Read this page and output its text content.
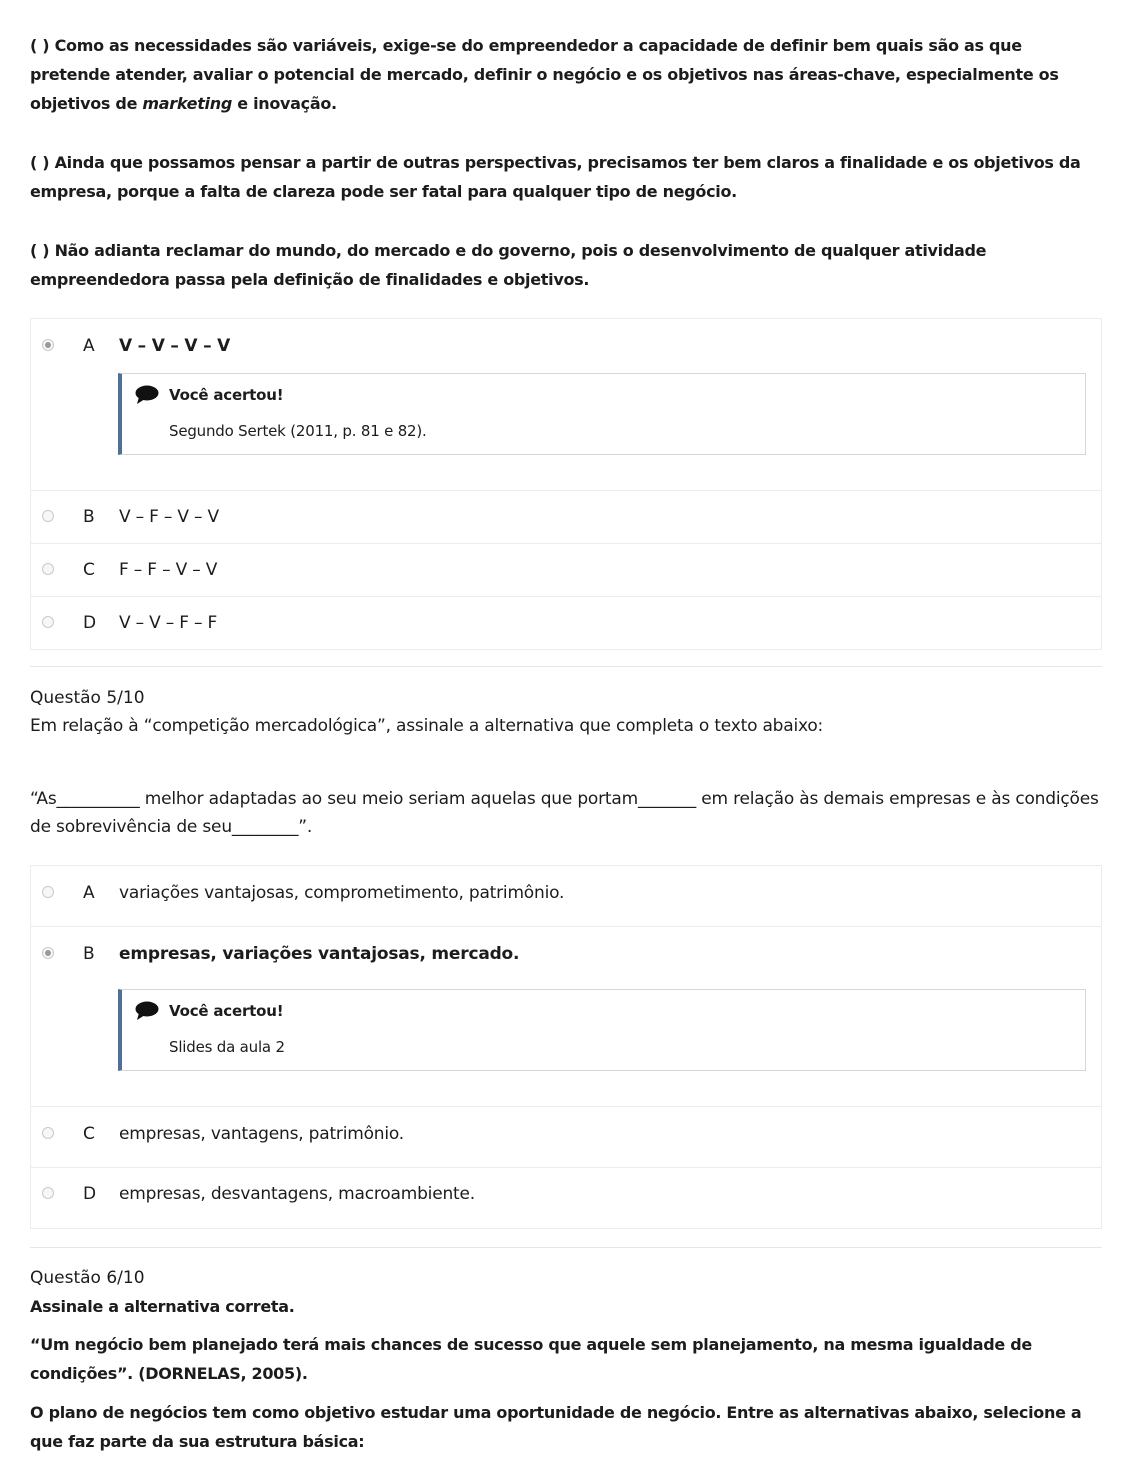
( ) Como as necessidades são variáveis, exige-se do empreendedor a capacidade de definir bem quais são as que pretende atender, avaliar o potencial de mercado, definir o negócio e os objetivos nas áreas-chave, especialmente os objetivos de marketing e inovação.

( ) Ainda que possamos pensar a partir de outras perspectivas, precisamos ter bem claros a finalidade e os objetivos da empresa, porque a falta de clareza pode ser fatal para qualquer tipo de negócio.

( ) Não adianta reclamar do mundo, do mercado e do governo, pois o desenvolvimento de qualquer atividade empreendedora passa pela definição de finalidades e objetivos.

A V – V – V – V
Você acertou!
Segundo Sertek (2011, p. 81 e 82).
B V – F – V – V
C F – F – V – V
D V – V – F – F
Questão 5/10
Em relação à “competição mercadológica”, assinale a alternativa que completa o texto abaixo:
“As__________ melhor adaptadas ao seu meio seriam aquelas que portam_______ em relação às demais empresas e às condições de sobrevivência de seu________”.
A variações vantajosas, comprometimento, patrimônio.
B empresas, variações vantajosas, mercado.
Você acertou!
Slides da aula 2
C empresas, vantagens, patrimônio.
D empresas, desvantagens, macroambiente.
Questão 6/10
Assinale a alternativa correta.
“Um negócio bem planejado terá mais chances de sucesso que aquele sem planejamento, na mesma igualdade de condições”. (DORNELAS, 2005).
O plano de negócios tem como objetivo estudar uma oportunidade de negócio. Entre as alternativas abaixo, selecione a que faz parte da sua estrutura básica:
